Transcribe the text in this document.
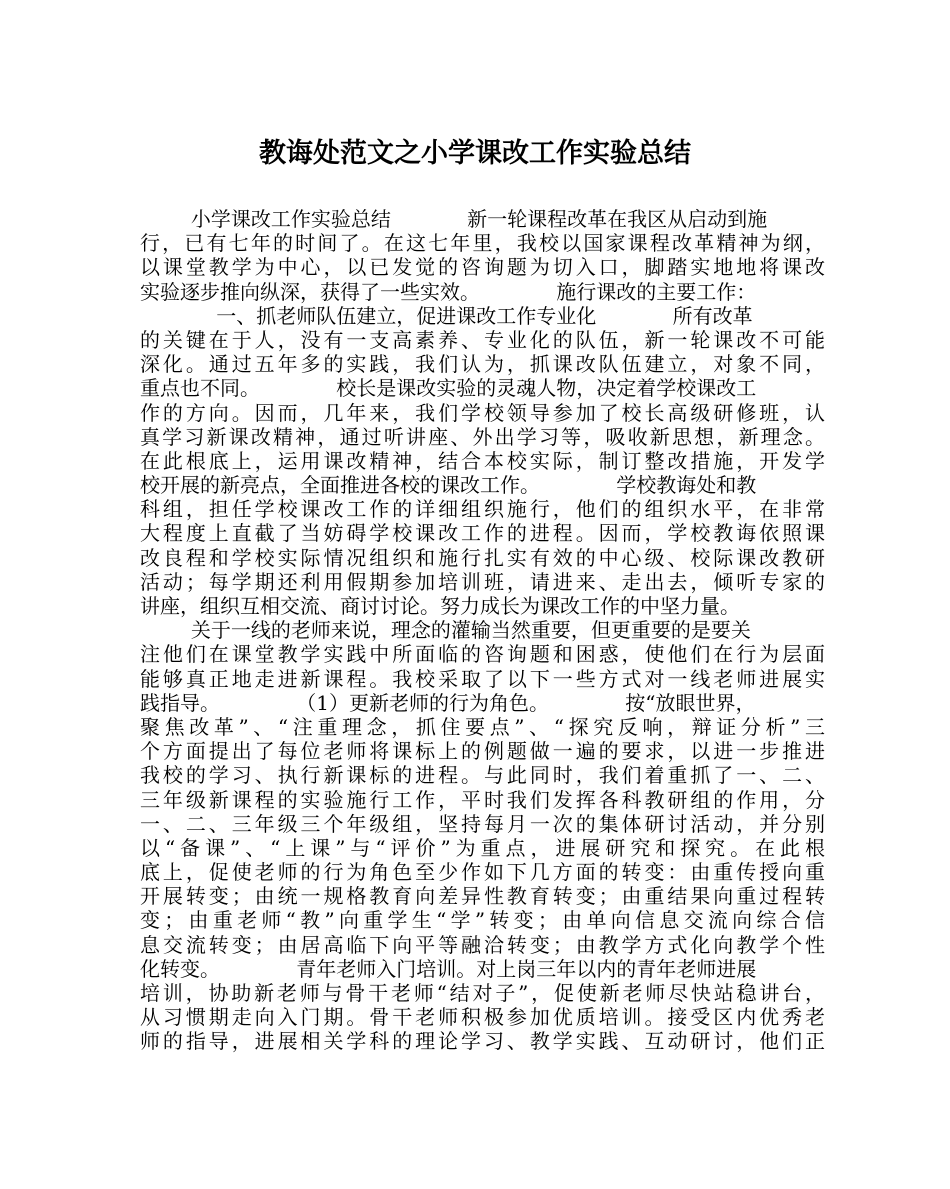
教诲处范文之小学课改工作实验总结
小学课改工作实验总结            新一轮课程改革在我区从启动到施
行，已有七年的时间了。在这七年里，我校以国家课程改革精神为纲，
以课堂教学为中心，以已发觉的咨询题为切入口，脚踏实地地将课改
实验逐步推向纵深，获得了一些实效。            施行课改的主要工作：
一、抓老师队伍建立，促进课改工作专业化            所有改革
的关键在于人，没有一支高素养、专业化的队伍，新一轮课改不可能
深化。通过五年多的实践，我们认为，抓课改队伍建立，对象不同，
重点也不同。            校长是课改实验的灵魂人物，决定着学校课改工
作的方向。因而，几年来，我们学校领导参加了校长高级研修班，认
真学习新课改精神，通过听讲座、外出学习等，吸收新思想，新理念。
在此根底上，运用课改精神，结合本校实际，制订整改措施，开发学
校开展的新亮点，全面推进各校的课改工作。            学校教诲处和教
科组，担任学校课改工作的详细组织施行，他们的组织水平，在非常
大程度上直截了当妨碍学校课改工作的进程。因而，学校教诲依照课
改良程和学校实际情况组织和施行扎实有效的中心级、校际课改教研
活动；每学期还利用假期参加培训班，请进来、走出去，倾听专家的
讲座，组织互相交流、商讨讨论。努力成长为课改工作的中坚力量。
关于一线的老师来说，理念的灌输当然重要，但更重要的是要关
注他们在课堂教学实践中所面临的咨询题和困惑，使他们在行为层面
能够真正地走进新课程。我校采取了以下一些方式对一线老师进展实
践指导。            （1）更新老师的行为角色。            按“放眼世界，
聚焦改革”、“注重理念，抓住要点”、“探究反响，辩证分析”三
个方面提出了每位老师将课标上的例题做一遍的要求，以进一步推进
我校的学习、执行新课标的进程。与此同时，我们着重抓了一、二、
三年级新课程的实验施行工作，平时我们发挥各科教研组的作用，分
一、二、三年级三个年级组，坚持每月一次的集体研讨活动，并分别
以“备课”、“上课”与“评价”为重点，进展研究和探究。在此根
底上，促使老师的行为角色至少作如下几方面的转变：由重传授向重
开展转变；由统一规格教育向差异性教育转变；由重结果向重过程转
变；由重老师“教”向重学生“学”转变；由单向信息交流向综合信
息交流转变；由居高临下向平等融洽转变；由教学方式化向教学个性
化转变。            青年老师入门培训。对上岗三年以内的青年老师进展
培训，协助新老师与骨干老师“结对子”，促使新老师尽快站稳讲台，
从习惯期走向入门期。骨干老师积极参加优质培训。接受区内优秀老
师的指导，进展相关学科的理论学习、教学实践、互动研讨，他们正
